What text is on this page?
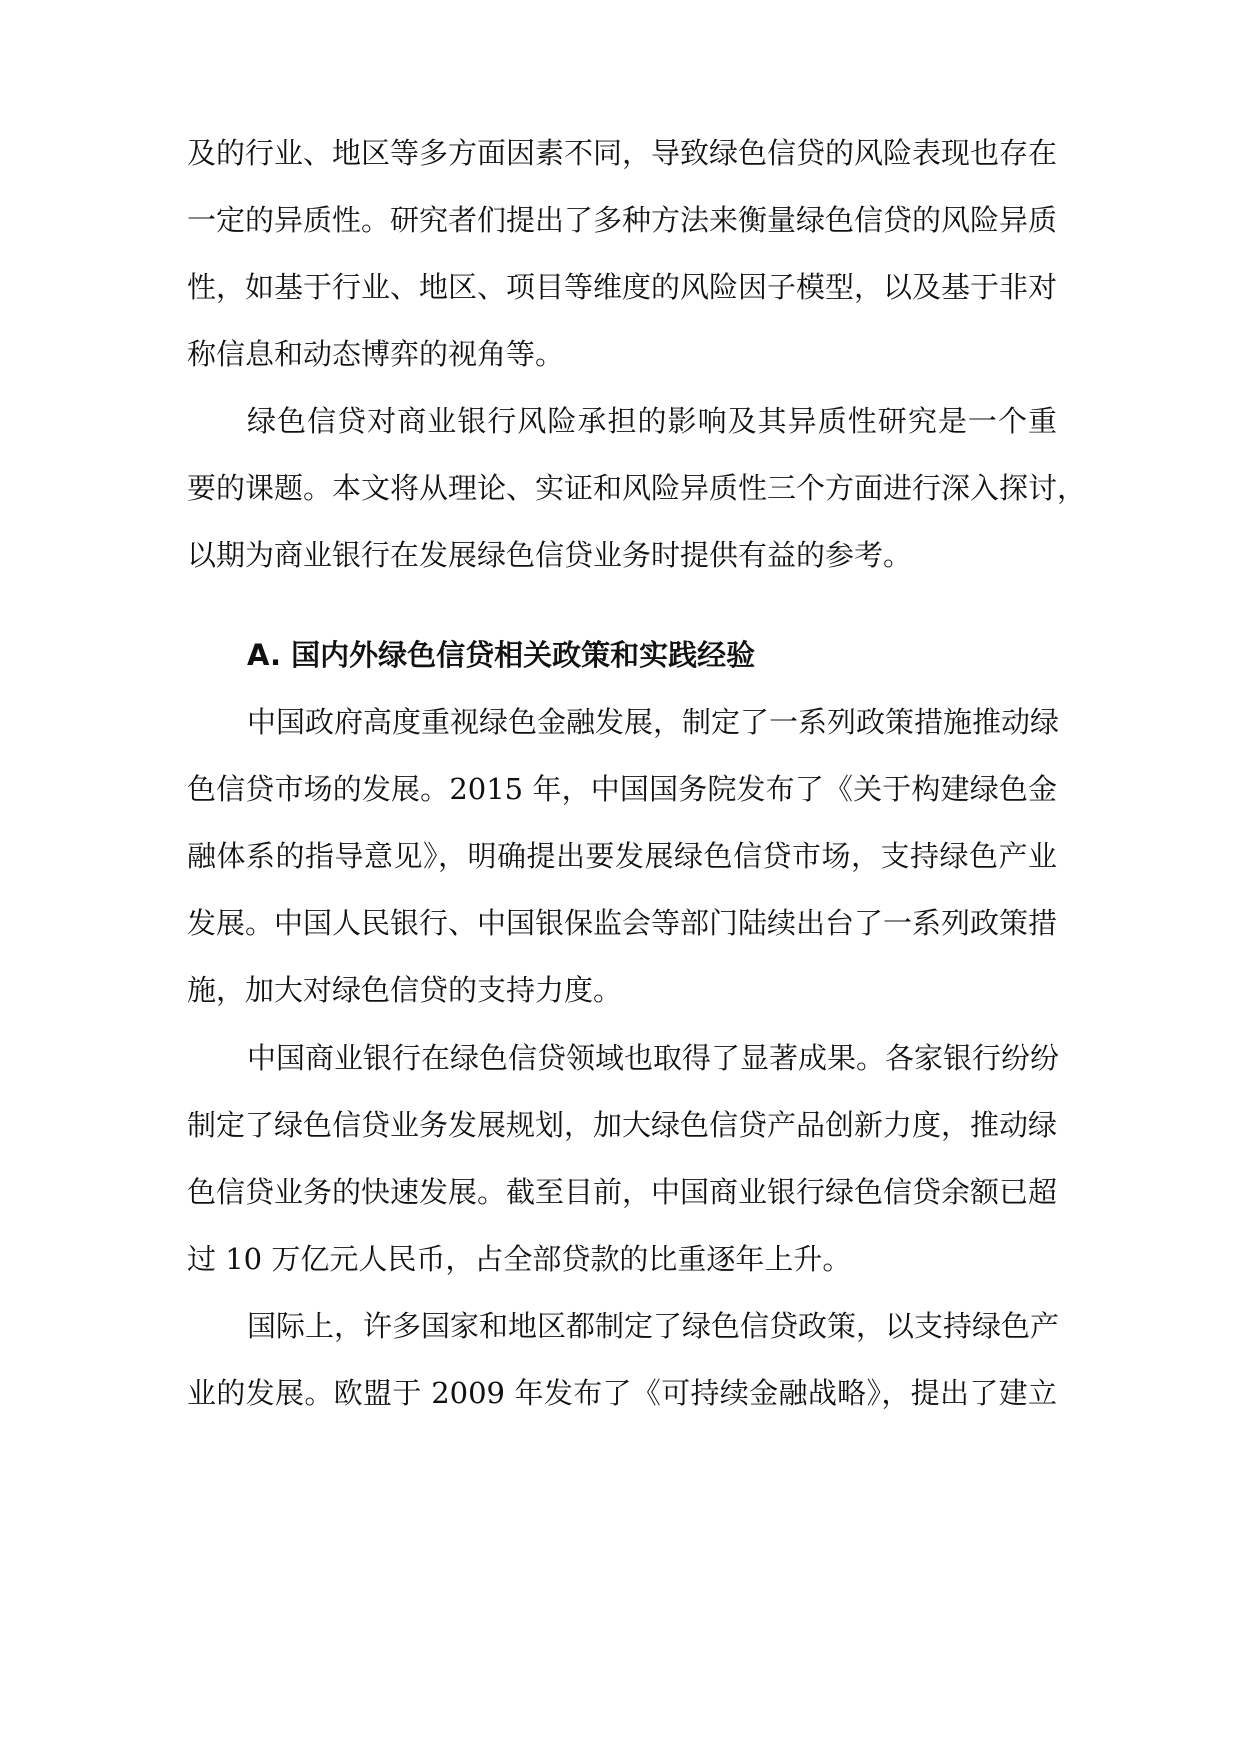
及的行业、地区等多方面因素不同，导致绿色信贷的风险表现也存在
一定的异质性。研究者们提出了多种方法来衡量绿色信贷的风险异质
性，如基于行业、地区、项目等维度的风险因子模型，以及基于非对
称信息和动态博弈的视角等。
绿色信贷对商业银行风险承担的影响及其异质性研究是一个重
要的课题。本文将从理论、实证和风险异质性三个方面进行深入探讨，
以期为商业银行在发展绿色信贷业务时提供有益的参考。
A. 国内外绿色信贷相关政策和实践经验
中国政府高度重视绿色金融发展，制定了一系列政策措施推动绿
色信贷市场的发展。2015 年，中国国务院发布了《关于构建绿色金
融体系的指导意见》，明确提出要发展绿色信贷市场，支持绿色产业
发展。中国人民银行、中国银保监会等部门陆续出台了一系列政策措
施，加大对绿色信贷的支持力度。
中国商业银行在绿色信贷领域也取得了显著成果。各家银行纷纷
制定了绿色信贷业务发展规划，加大绿色信贷产品创新力度，推动绿
色信贷业务的快速发展。截至目前，中国商业银行绿色信贷余额已超
过 10 万亿元人民币，占全部贷款的比重逐年上升。
国际上，许多国家和地区都制定了绿色信贷政策，以支持绿色产
业的发展。欧盟于 2009 年发布了《可持续金融战略》，提出了建立
